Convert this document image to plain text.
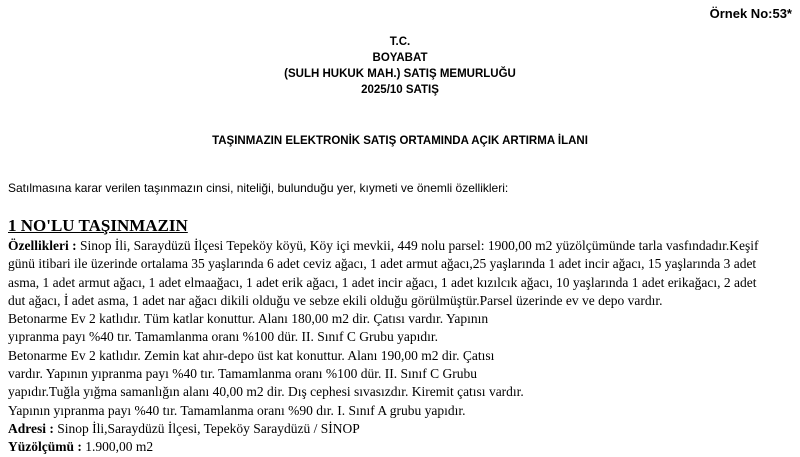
Örnek No:53*
T.C.
BOYABAT
(SULH HUKUK MAH.) SATIŞ MEMURLUĞU
2025/10 SATIŞ
TAŞINMAZIN ELEKTRONİK SATIŞ ORTAMINDA AÇIK ARTIRMA İLANI
Satılmasına karar verilen taşınmazın cinsi, niteliği, bulunduğu yer, kıymeti ve önemli özellikleri:
1 NO'LU TAŞINMAZIN
Özellikleri : Sinop İli, Saraydüzü İlçesi Tepeköy köyü, Köy içi mevkii, 449 nolu parsel: 1900,00 m2 yüzölçümünde tarla vasfındadır.Keşif
günü itibari ile üzerinde ortalama 35 yaşlarında 6 adet ceviz ağacı, 1 adet armut ağacı,25 yaşlarında 1 adet incir ağacı, 15 yaşlarında 3 adet
asma, 1 adet armut ağacı, 1 adet elmaağacı, 1 adet erik ağacı, 1 adet incir ağacı, 1 adet kızılcık ağacı, 10 yaşlarında 1 adet erikağacı, 2 adet
dut ağacı, İ adet asma, 1 adet nar ağacı dikili olduğu ve sebze ekili olduğu görülmüştür.Parsel üzerinde ev ve depo vardır.
Betonarme Ev 2 katlıdır. Tüm katlar konuttur. Alanı 180,00 m2 dir. Çatısı vardır. Yapının
yıpranma payı %40 tır. Tamamlanma oranı %100 dür. II. Sınıf C Grubu yapıdır.
Betonarme Ev 2 katlıdır. Zemin kat ahır-depo üst kat konuttur. Alanı 190,00 m2 dir. Çatısı
vardır. Yapının yıpranma payı %40 tır. Tamamlanma oranı %100 dür. II. Sınıf C Grubu
yapıdır.Tuğla yığma samanlığın alanı 40,00 m2 dir. Dış cephesi sıvasızdır. Kiremit çatısı vardır.
Yapının yıpranma payı %40 tır. Tamamlanma oranı %90 dır. I. Sınıf A grubu yapıdır.
Adresi : Sinop İli,Saraydüzü İlçesi, Tepeköy Saraydüzü / SİNOP
Yüzölçümü : 1.900,00 m2
